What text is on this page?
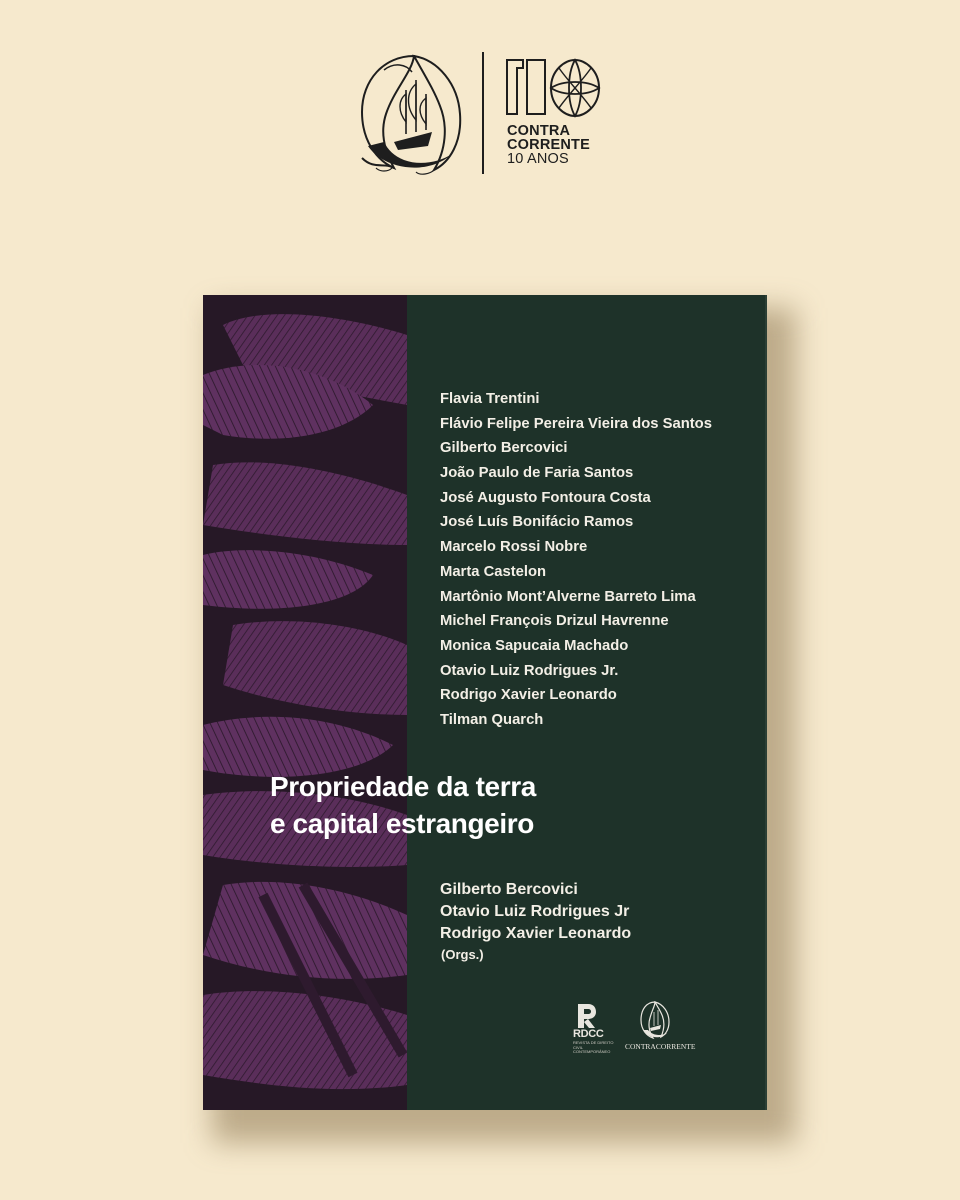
CONTRA
CORRENTE
10 ANOS
Flavia Trentini
Flávio Felipe Pereira Vieira dos Santos
Gilberto Bercovici
João Paulo de Faria Santos
José Augusto Fontoura Costa
José Luís Bonifácio Ramos
Marcelo Rossi Nobre
Marta Castelon
Martônio Mont’Alverne Barreto Lima
Michel François Drizul Havrenne
Monica Sapucaia Machado
Otavio Luiz Rodrigues Jr.
Rodrigo Xavier Leonardo
Tilman Quarch
Propriedade da terra
e capital estrangeiro
Gilberto Bercovici
Otavio Luiz Rodrigues Jr
Rodrigo Xavier Leonardo
(Orgs.)
RDCC
REVISTA DE DIREITO CIVIL CONTEMPORÂNEO
CONTRACORRENTE
